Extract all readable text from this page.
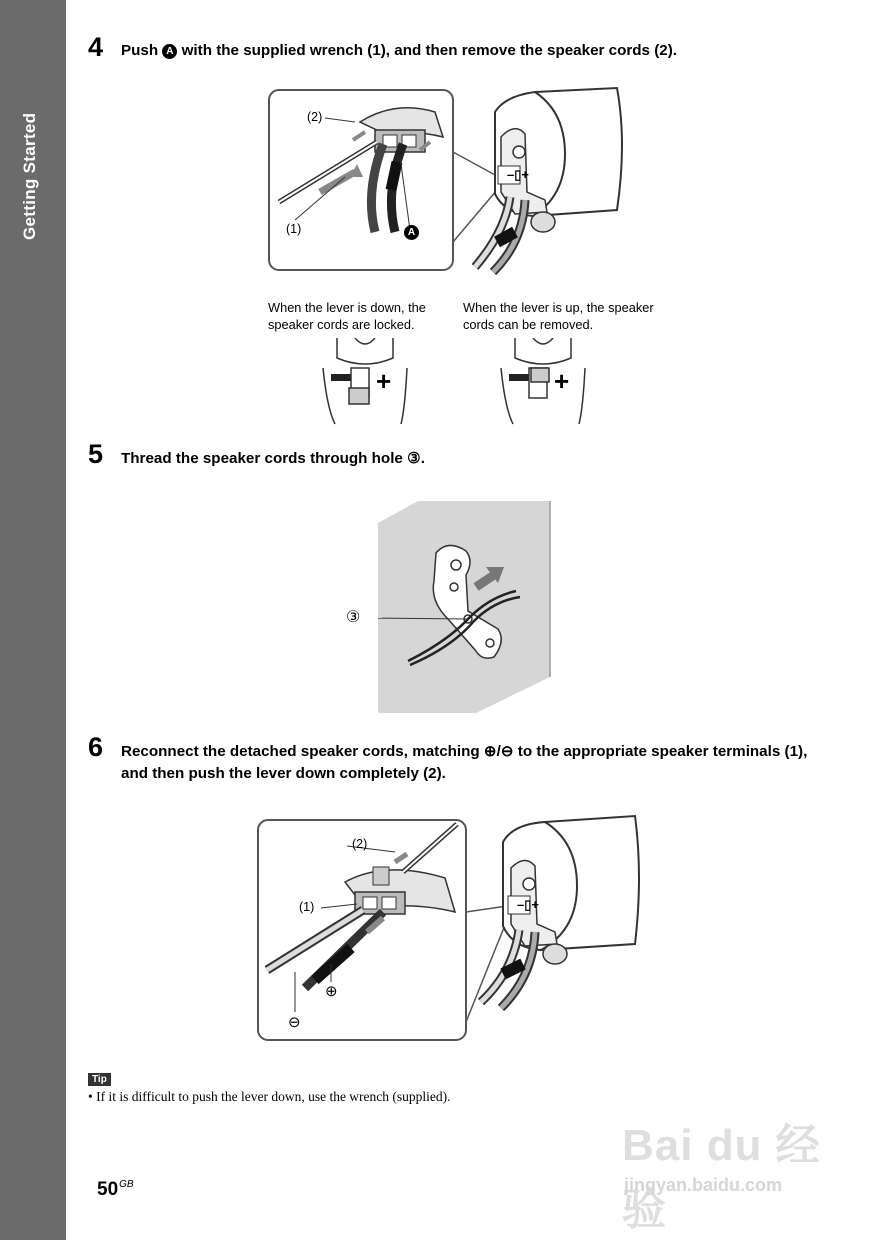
Getting Started
4 Push A with the supplied wrench (1), and then remove the speaker cords (2).
–▯+
(2)
(1)	A
When the lever is down, the speaker cords are locked.
When the lever is up, the speaker cords can be removed.
+	+
5 Thread the speaker cords through hole ③.
③
6 Reconnect the detached speaker cords, matching ⊕/⊖ to the appropriate speaker terminals (1), and then push the lever down completely (2).
–▯+
(2)
(1)
⊕
⊖
Tip
• If it is difficult to push the lever down, use the wrench (supplied).
$50^{GB}$
Bai du 经验
jingyan.baidu.com
